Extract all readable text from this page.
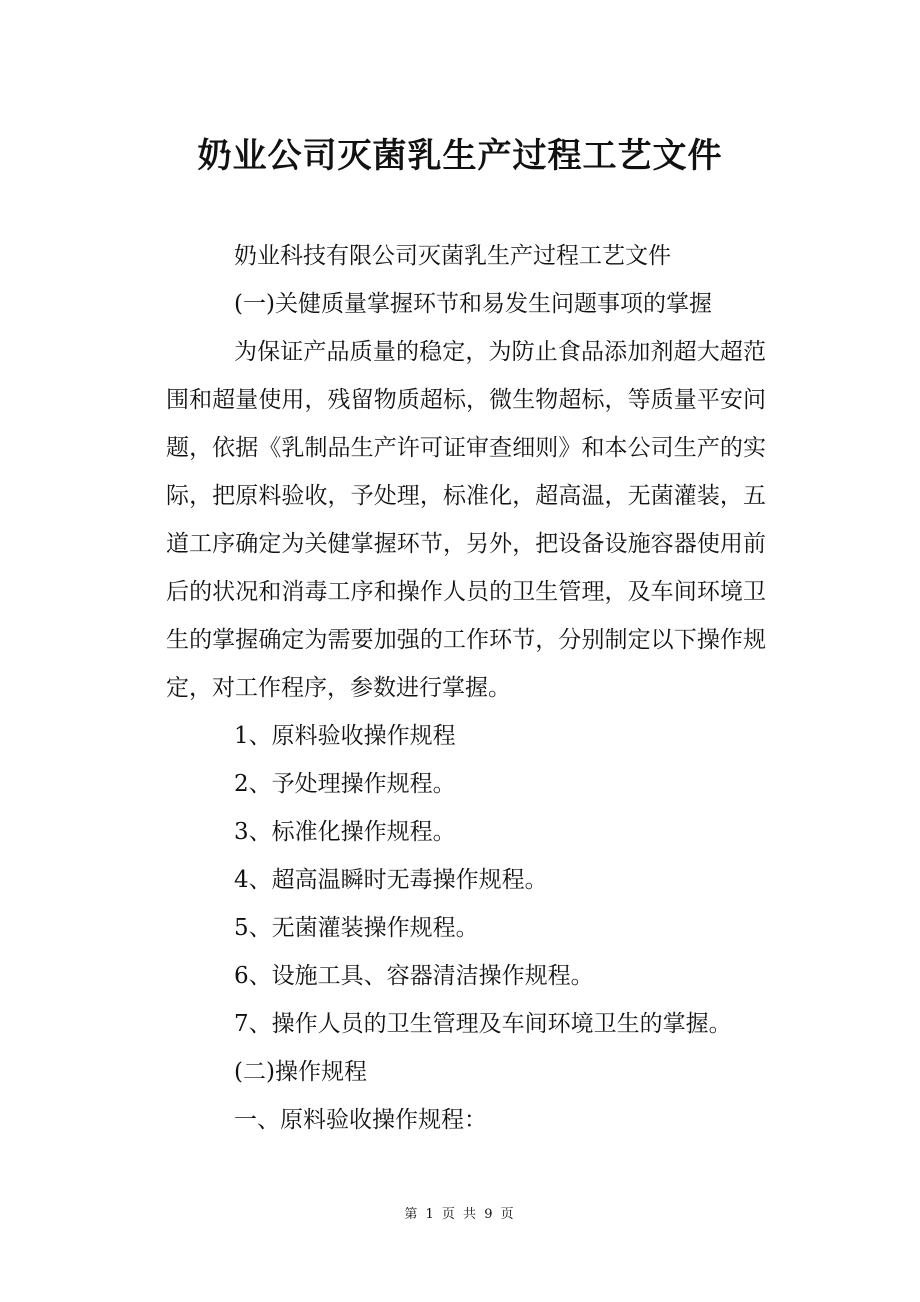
奶业公司灭菌乳生产过程工艺文件

奶业科技有限公司灭菌乳生产过程工艺文件

(一)关健质量掌握环节和易发生问题事项的掌握

为保证产品质量的稳定，为防止食品添加剂超大超范围和超量使用，残留物质超标，微生物超标，等质量平安问题，依据《乳制品生产许可证审查细则》和本公司生产的实际，把原料验收，予处理，标准化，超高温，无菌灌装，五道工序确定为关健掌握环节，另外，把设备设施容器使用前后的状况和消毒工序和操作人员的卫生管理，及车间环境卫生的掌握确定为需要加强的工作环节，分别制定以下操作规定，对工作程序，参数进行掌握。

1、原料验收操作规程

2、予处理操作规程。

3、标准化操作规程。

4、超高温瞬时无毒操作规程。

5、无菌灌装操作规程。

6、设施工具、容器清洁操作规程。

7、操作人员的卫生管理及车间环境卫生的掌握。

(二)操作规程

一、原料验收操作规程：

第 1 页 共 9 页
